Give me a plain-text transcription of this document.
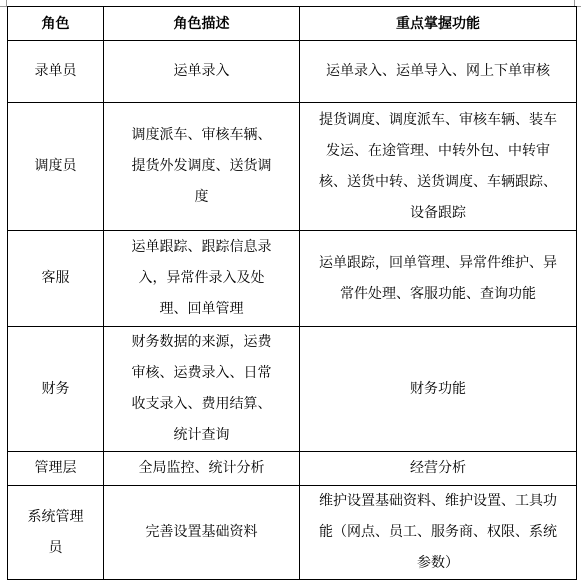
角色	角色描述	重点掌握功能

录单员	运单录入	运单录入、运单导入、网上下单审核

调度员	调度派车、审核车辆、提货外发调度、送货调度	提货调度、调度派车、审核车辆、装车发运、在途管理、中转外包、中转审核、送货中转、送货调度、车辆跟踪、设备跟踪

客服	运单跟踪、跟踪信息录入，异常件录入及处理、回单管理	运单跟踪，回单管理、异常件维护、异常件处理、客服功能、查询功能

财务	财务数据的来源，运费审核、运费录入、日常收支录入、费用结算、统计查询	财务功能

管理层	全局监控、统计分析	经营分析

系统管理员	完善设置基础资料	维护设置基础资料、维护设置、工具功能（网点、员工、服务商、权限、系统参数）
